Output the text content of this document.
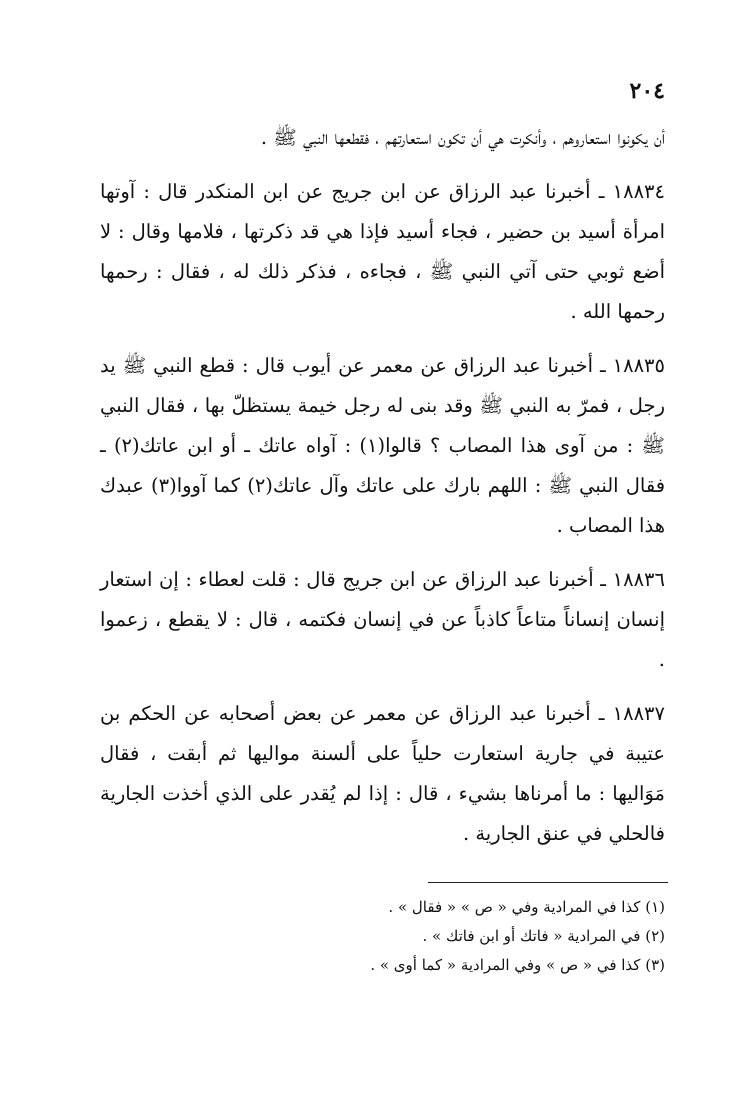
٢٠٤

أن يكونوا استعاروهم ، وأنكرت هي أن تكون استعارتهم ، فقطعها النبي ﷺ .

١٨٨٣٤ ـ أخبرنا عبد الرزاق عن ابن جريج عن ابن المنكدر قال : آوتها امرأة أسيد بن حضير ، فجاء أسيد فإذا هي قد ذكرتها ، فلامها وقال : لا أضع ثوبي حتى آتي النبي ﷺ ، فجاءه ، فذكر ذلك له ، فقال : رحمها رحمها الله .

١٨٨٣٥ ـ أخبرنا عبد الرزاق عن معمر عن أيوب قال : قطع النبي ﷺ يد رجل ، فمرّ به النبي ﷺ وقد بنى له رجل خيمة يستظلّ بها ، فقال النبي ﷺ : من آوى هذا المصاب ؟ قالوا(١) : آواه عاتك ـ أو ابن عاتك(٢) ـ فقال النبي ﷺ : اللهم بارك على عاتك وآل عاتك(٢) كما آووا(٣) عبدك هذا المصاب .

١٨٨٣٦ ـ أخبرنا عبد الرزاق عن ابن جريج قال : قلت لعطاء : إن استعار إنسان إنساناً متاعاً كاذباً عن في إنسان فكتمه ، قال : لا يقطع ، زعموا .

١٨٨٣٧ ـ أخبرنا عبد الرزاق عن معمر عن بعض أصحابه عن الحكم بن عتيبة في جارية استعارت حلياً على ألسنة مواليها ثم أبقت ، فقال مَوَاليها : ما أمرناها بشيء ، قال : إذا لم يُقدر على الذي أخذت الجارية فالحلي في عنق الجارية .

(١) كذا في المرادية وفي « ص » « فقال » .
(٢) في المرادية « فاتك أو ابن فاتك » .
(٣) كذا في « ص » وفي المرادية « كما أوى » .
